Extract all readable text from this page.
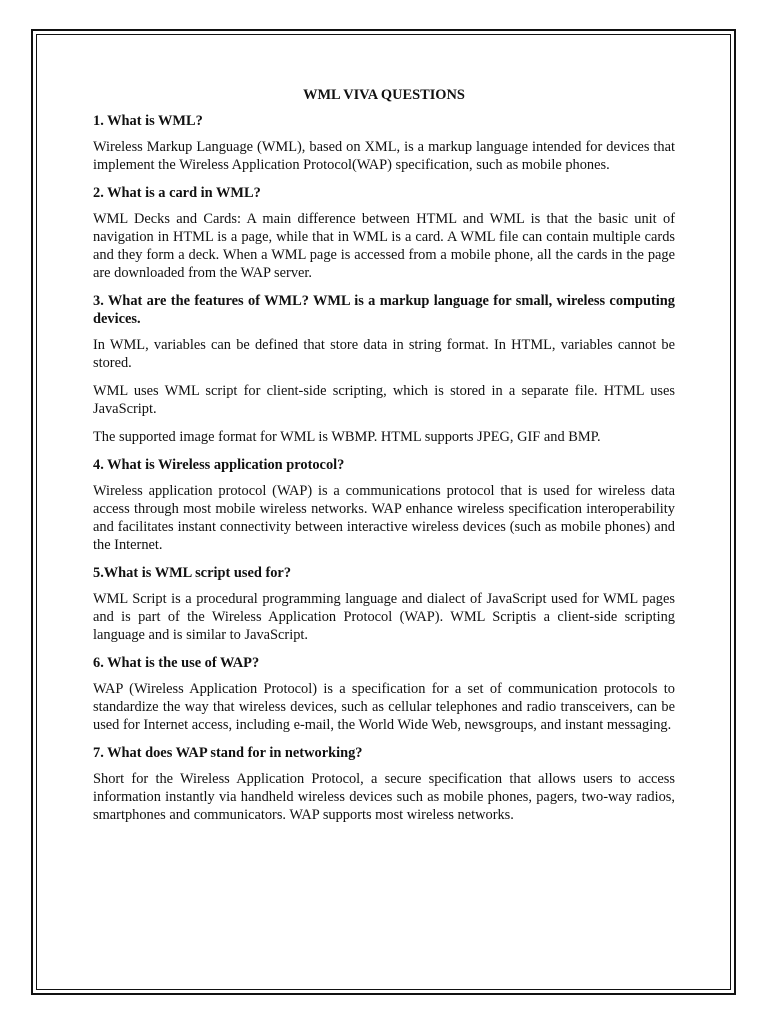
WML VIVA QUESTIONS
1. What is WML?
Wireless Markup Language (WML), based on XML, is a markup language intended for devices that implement the Wireless Application Protocol(WAP) specification, such as mobile phones.
2. What is a card in WML?
WML Decks and Cards: A main difference between HTML and WML is that the basic unit of navigation in HTML is a page, while that in WML is a card. A WML file can contain multiple cards and they form a deck. When a WML page is accessed from a mobile phone, all the cards in the page are downloaded from the WAP server.
3. What are the features of WML? WML is a markup language for small, wireless computing devices.
In WML, variables can be defined that store data in string format. In HTML, variables cannot be stored.
WML uses WML script for client-side scripting, which is stored in a separate file. HTML uses JavaScript.
The supported image format for WML is WBMP. HTML supports JPEG, GIF and BMP.
4. What is Wireless application protocol?
Wireless application protocol (WAP) is a communications protocol that is used for wireless data access through most mobile wireless networks. WAP enhance wireless specification interoperability and facilitates instant connectivity between interactive wireless devices (such as mobile phones) and the Internet.
5.What is WML script used for?
WML Script is a procedural programming language and dialect of JavaScript used for WML pages and is part of the Wireless Application Protocol (WAP). WML Scriptis a client-side scripting language and is similar to JavaScript.
6. What is the use of WAP?
WAP (Wireless Application Protocol) is a specification for a set of communication protocols to standardize the way that wireless devices, such as cellular telephones and radio transceivers, can be used for Internet access, including e-mail, the World Wide Web, newsgroups, and instant messaging.
7. What does WAP stand for in networking?
Short for the Wireless Application Protocol, a secure specification that allows users to access information instantly via handheld wireless devices such as mobile phones, pagers, two-way radios, smartphones and communicators. WAP supports most wireless networks.
